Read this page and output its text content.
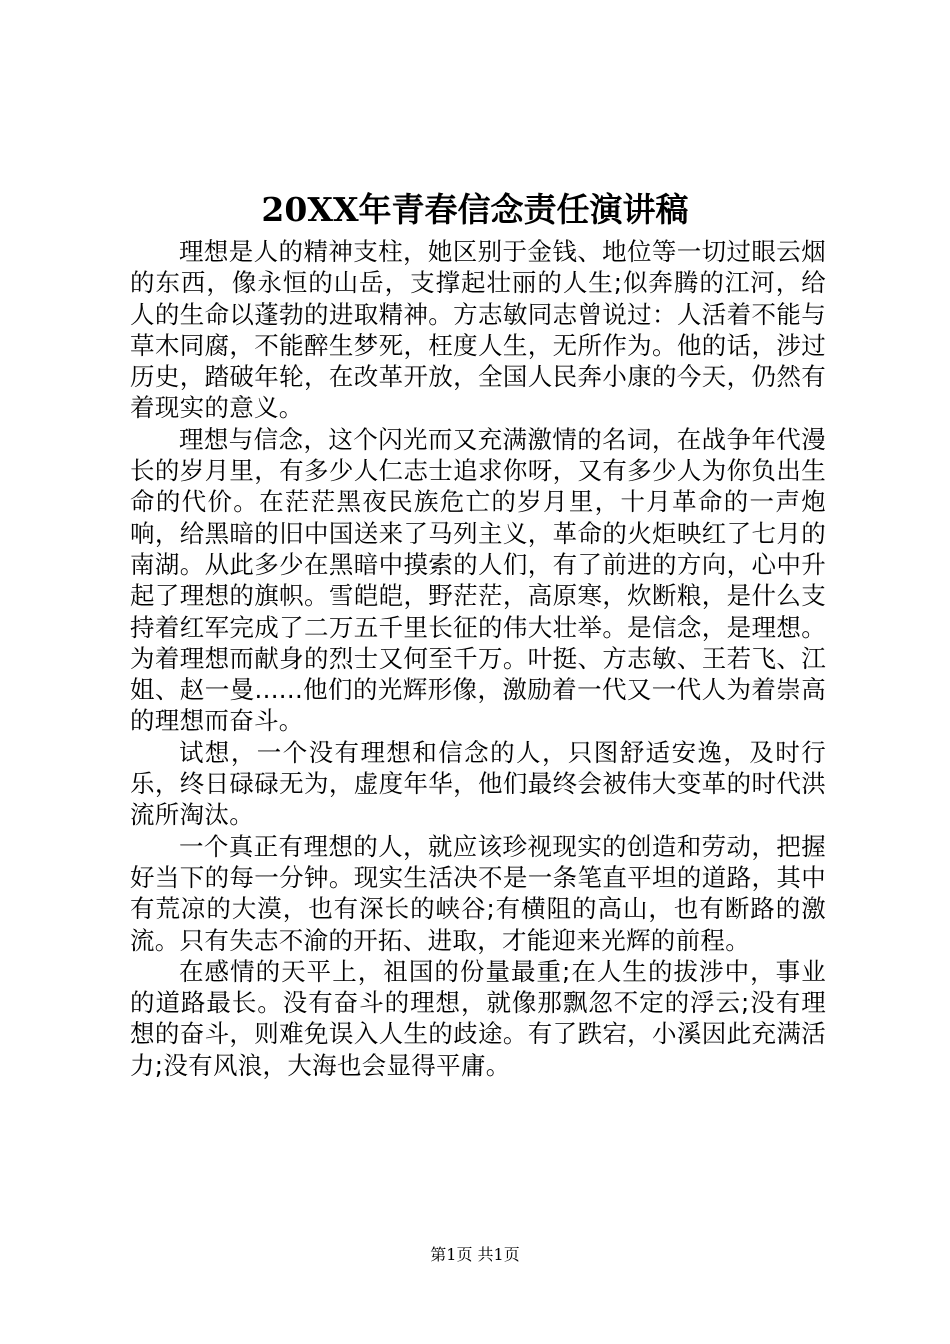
20XX年青春信念责任演讲稿

理想是人的精神支柱，她区别于金钱、地位等一切过眼云烟的东西，像永恒的山岳，支撑起壮丽的人生;似奔腾的江河，给人的生命以蓬勃的进取精神。方志敏同志曾说过：人活着不能与草木同腐，不能醉生梦死，枉度人生，无所作为。他的话，涉过历史，踏破年轮，在改革开放，全国人民奔小康的今天，仍然有着现实的意义。

理想与信念，这个闪光而又充满激情的名词，在战争年代漫长的岁月里，有多少人仁志士追求你呀，又有多少人为你负出生命的代价。在茫茫黑夜民族危亡的岁月里，十月革命的一声炮响，给黑暗的旧中国送来了马列主义，革命的火炬映红了七月的南湖。从此多少在黑暗中摸索的人们，有了前进的方向，心中升起了理想的旗帜。雪皑皑，野茫茫，高原寒，炊断粮，是什么支持着红军完成了二万五千里长征的伟大壮举。是信念，是理想。为着理想而献身的烈士又何至千万。叶挺、方志敏、王若飞、江姐、赵一曼......他们的光辉形像，激励着一代又一代人为着崇高的理想而奋斗。

试想，一个没有理想和信念的人，只图舒适安逸，及时行乐，终日碌碌无为，虚度年华，他们最终会被伟大变革的时代洪流所淘汰。

一个真正有理想的人，就应该珍视现实的创造和劳动，把握好当下的每一分钟。现实生活决不是一条笔直平坦的道路，其中有荒凉的大漠，也有深长的峡谷;有横阻的高山，也有断路的激流。只有失志不渝的开拓、进取，才能迎来光辉的前程。

在感情的天平上，祖国的份量最重;在人生的拔涉中，事业的道路最长。没有奋斗的理想，就像那飘忽不定的浮云;没有理想的奋斗，则难免误入人生的歧途。有了跌宕，小溪因此充满活力;没有风浪，大海也会显得平庸。

第1页 共1页
